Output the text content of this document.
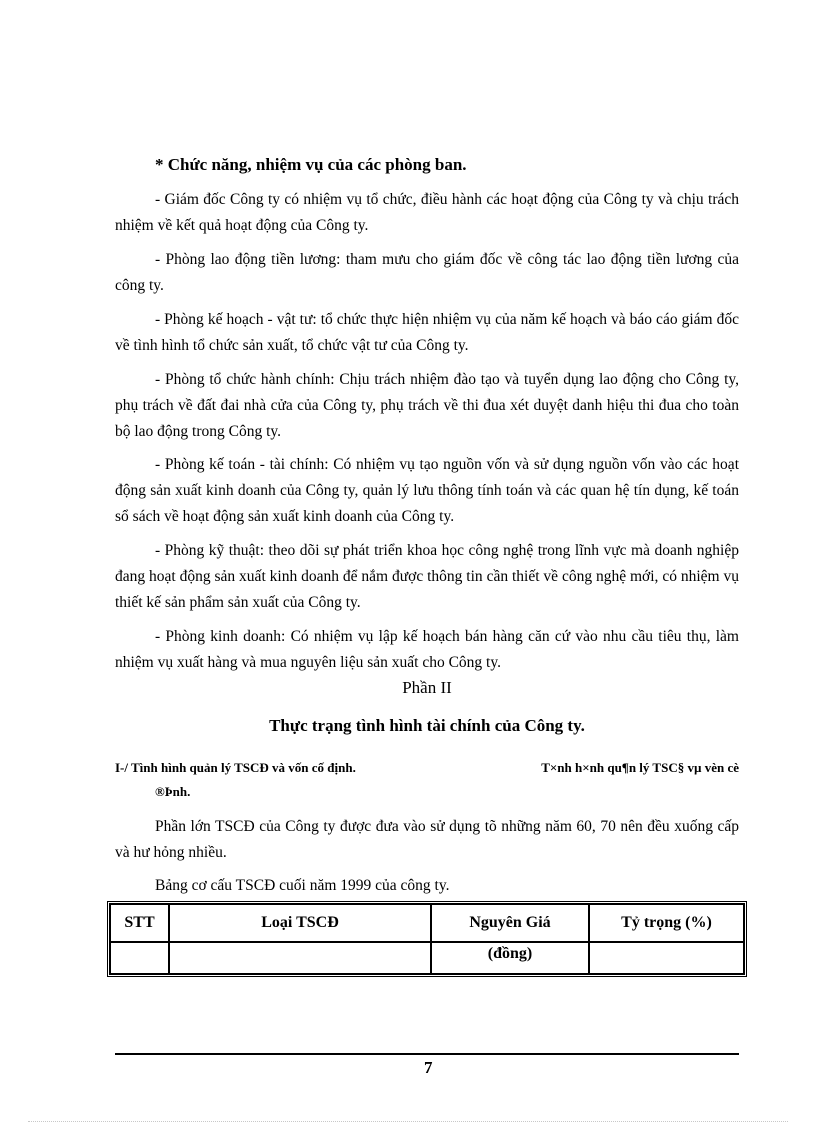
* Chức năng, nhiệm vụ của các phòng ban.
- Giám đốc Công ty có nhiệm vụ tổ chức, điều hành các hoạt động của Công ty và chịu trách nhiệm về kết quả hoạt động của Công ty.
- Phòng lao động tiền lương: tham mưu cho giám đốc về công tác lao động tiền lương của công ty.
- Phòng kế hoạch - vật tư: tổ chức thực hiện nhiệm vụ của năm kế hoạch và báo cáo giám đốc về tình hình tổ chức sản xuất, tổ chức vật tư của Công ty.
- Phòng tổ chức hành chính: Chịu trách nhiệm đào tạo và tuyển dụng lao động cho Công ty, phụ trách về đất đai nhà cửa của Công ty, phụ trách về thi đua xét duyệt danh hiệu thi đua cho toàn bộ lao động trong Công ty.
- Phòng kế toán - tài chính: Có nhiệm vụ tạo nguồn vốn và sử dụng nguồn vốn vào các hoạt động sản xuất kinh doanh của Công ty, quản lý lưu thông tính toán và các quan hệ tín dụng, kế toán sổ sách về hoạt động sản xuất kinh doanh của Công ty.
- Phòng kỹ thuật: theo dõi sự phát triển khoa học công nghệ trong lĩnh vực mà doanh nghiệp đang hoạt động sản xuất kinh doanh để nắm được thông tin cần thiết về công nghệ mới, có nhiệm vụ thiết kế sản phẩm sản xuất của Công ty.
- Phòng kinh doanh: Có nhiệm vụ lập kế hoạch bán hàng căn cứ vào nhu cầu tiêu thụ, làm nhiệm vụ xuất hàng và mua nguyên liệu sản xuất cho Công ty.
Phần II
Thực trạng tình hình tài chính của Công ty.
I-/ Tình hình quản lý TSCĐ và vốn cố định.	T×nh h×nh qu¶n lý TSC§ vµ vèn cè
®Þnh.
Phần lớn TSCĐ của Công ty được đưa vào sử dụng tõ những năm 60, 70 nên đều xuống cấp và hư hỏng nhiều.
Bảng cơ cấu TSCĐ cuối năm 1999 của công ty.
STT	Loại TSCĐ	Nguyên Giá	Tỷ trọng (%)
		(đồng)	
7
